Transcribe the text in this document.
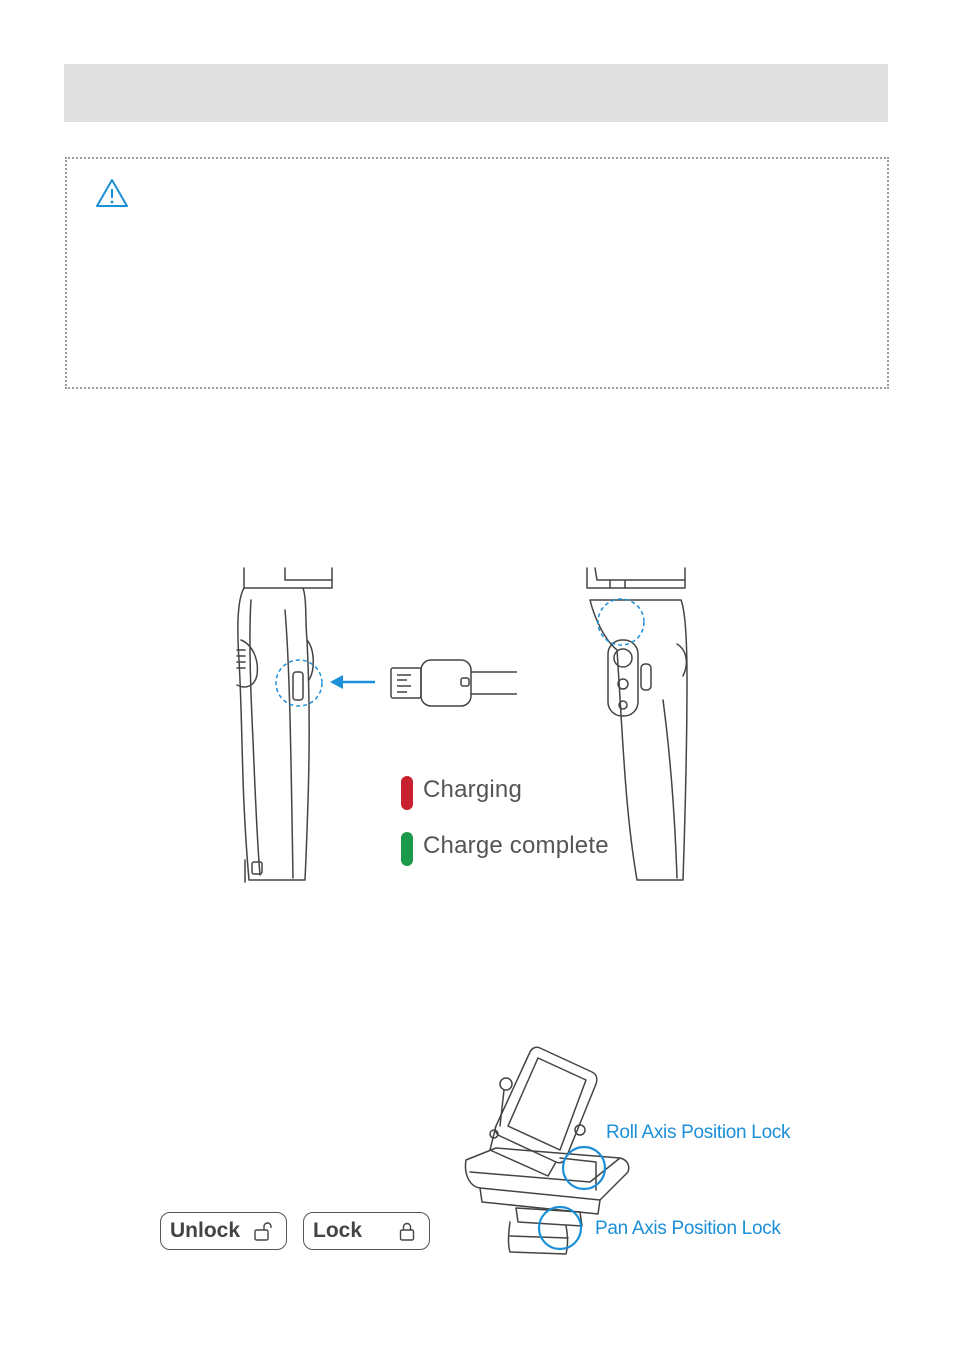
Charging
Charge complete
Unlock	Lock
Roll Axis Position Lock
Pan Axis Position Lock
